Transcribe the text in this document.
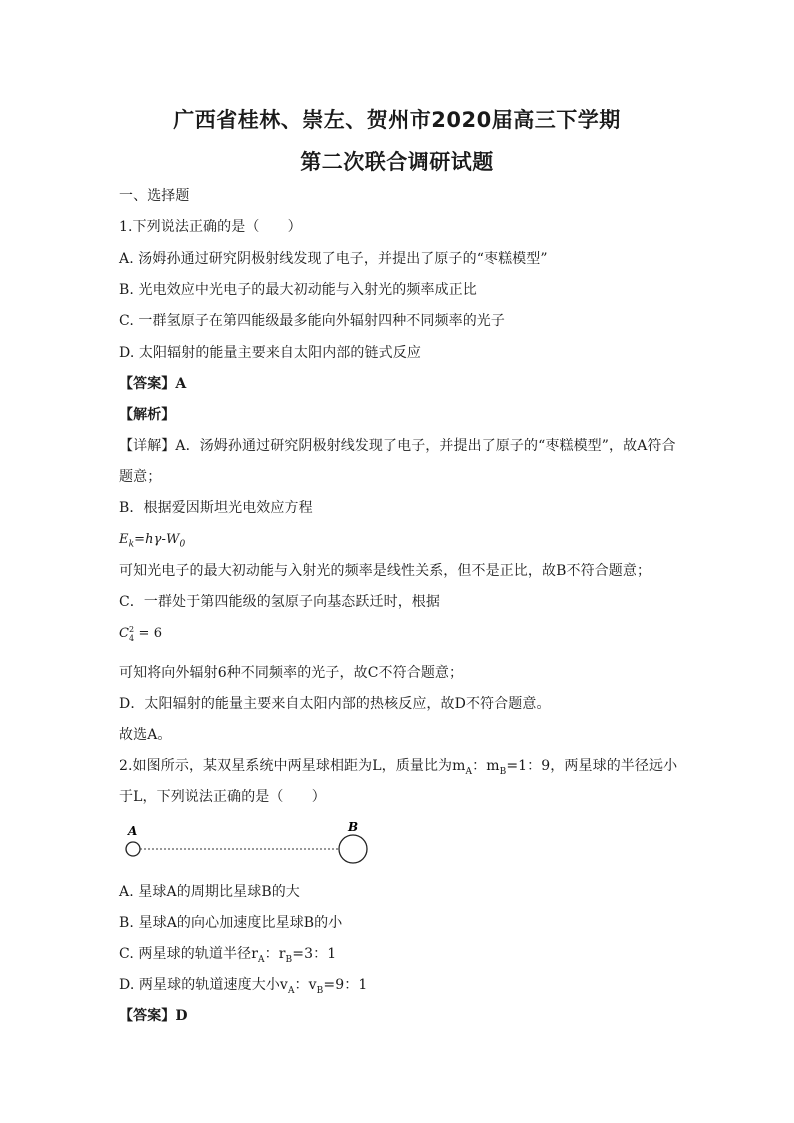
广西省桂林、崇左、贺州市2020届高三下学期
第二次联合调研试题
一、选择题
1.下列说法正确的是（　　）
A. 汤姆孙通过研究阴极射线发现了电子，并提出了原子的“枣糕模型”
B. 光电效应中光电子的最大初动能与入射光的频率成正比
C. 一群氢原子在第四能级最多能向外辐射四种不同频率的光子
D. 太阳辐射的能量主要来自太阳内部的链式反应
【答案】A
【解析】
【详解】A．汤姆孙通过研究阴极射线发现了电子，并提出了原子的“枣糕模型”，故A符合
题意；
B．根据爱因斯坦光电效应方程
$E_k=h\gamma-W_0$
可知光电子的最大初动能与入射光的频率是线性关系，但不是正比，故B不符合题意；
C．一群处于第四能级的氢原子向基态跃迁时，根据
C 2
4 = 6
可知将向外辐射6种不同频率的光子，故C不符合题意；
D．太阳辐射的能量主要来自太阳内部的热核反应，故D不符合题意。
故选A。
2.如图所示，某双星系统中两星球相距为L，质量比为$m_A$：$m_B=1$：9，两星球的半径远小
于L，下列说法正确的是（　　）
A	B
A. 星球A的周期比星球B的大
B. 星球A的向心加速度比星球B的小
C. 两星球的轨道半径$r_A$：$r_B=3$：1
D. 两星球的轨道速度大小$v_A$：$v_B=9$：1
【答案】D
